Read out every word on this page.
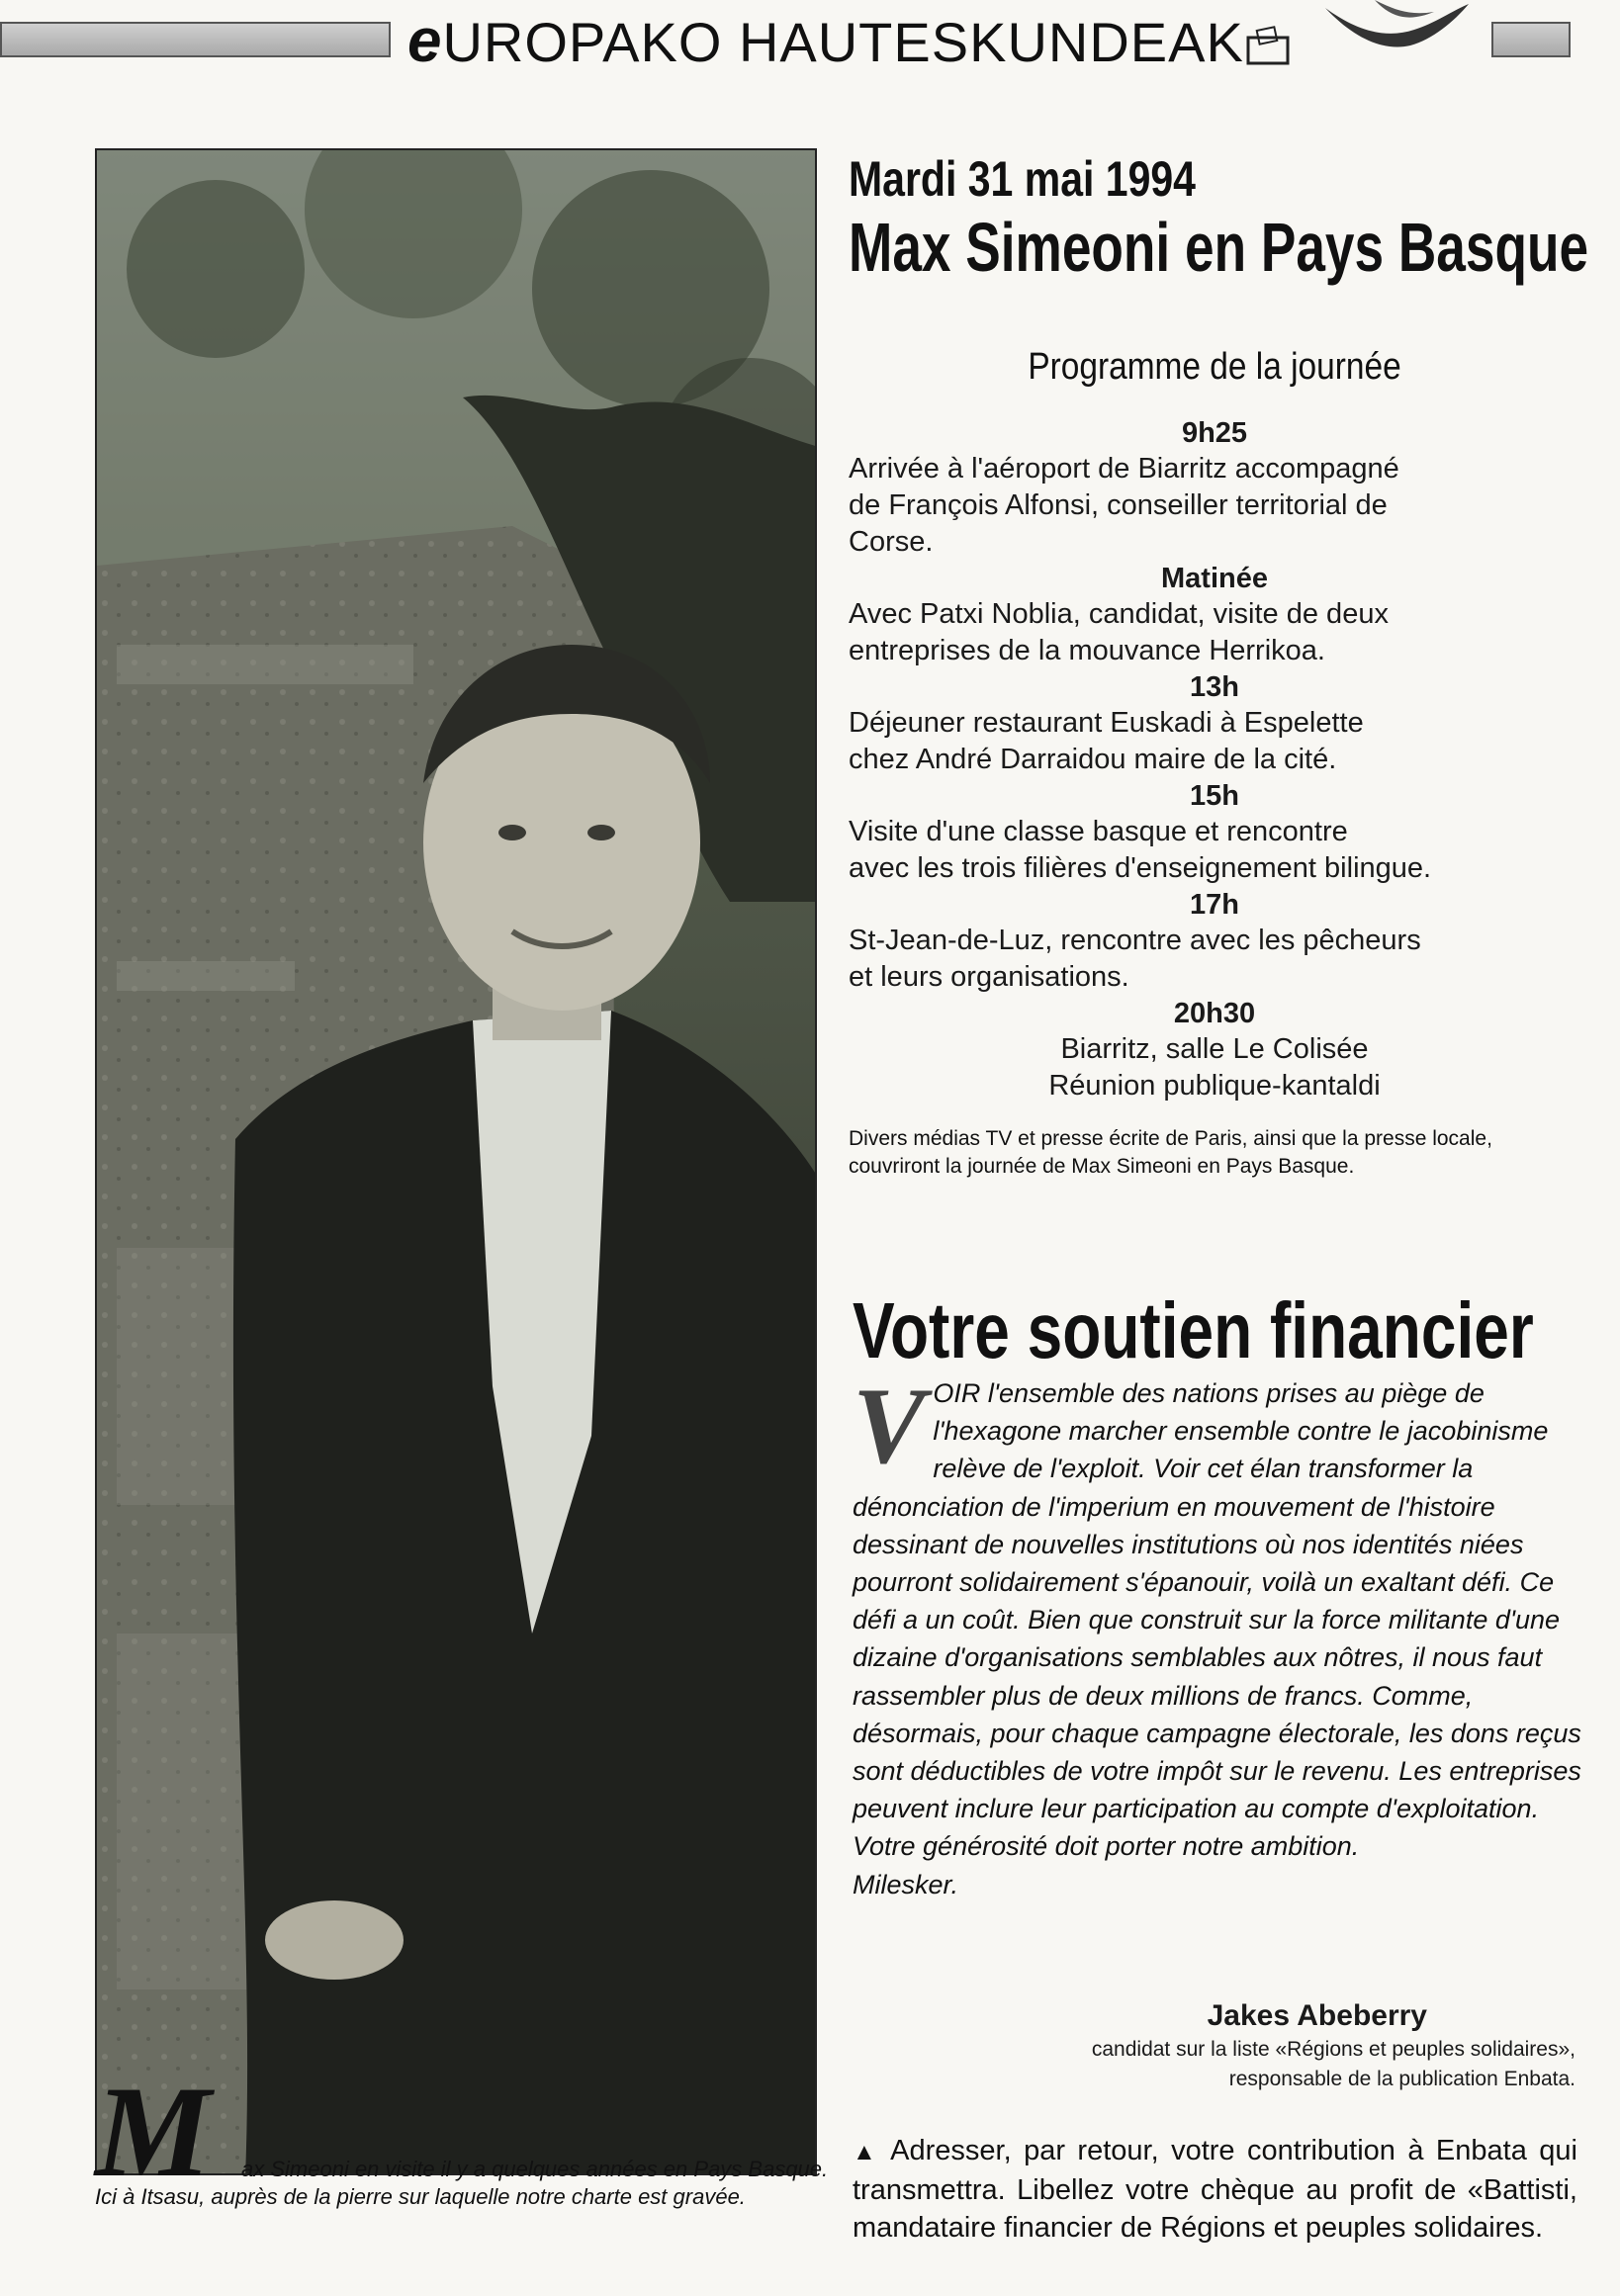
eUROPAKO HAUTESKUNDEAK
M ax Simeoni en visite il y a quelques années en Pays Basque.
Ici à Itsasu, auprès de la pierre sur laquelle notre charte est gravée.
Mardi 31 mai 1994
Max Simeoni en Pays Basque
Programme de la journée
9h25
Arrivée à l'aéroport de Biarritz accompagné
de François Alfonsi, conseiller territorial de
Corse.
Matinée
Avec Patxi Noblia, candidat, visite de deux
entreprises de la mouvance Herrikoa.
13h
Déjeuner restaurant Euskadi à Espelette
chez André Darraidou maire de la cité.
15h
Visite d'une classe basque et rencontre
avec les trois filières d'enseignement bilingue.
17h
St-Jean-de-Luz, rencontre avec les pêcheurs
et leurs organisations.
20h30
Biarritz, salle Le Colisée
Réunion publique-kantaldi
Divers médias TV et presse écrite de Paris, ainsi que la presse locale,
couvriront la journée de Max Simeoni en Pays Basque.
Votre soutien financier
V OIR l'ensemble des nations prises au piège de l'hexagone marcher ensemble contre le jacobinisme relève de l'exploit. Voir cet élan transformer la dénonciation de l'imperium en mouvement de l'histoire dessinant de nouvelles institutions où nos identités niées pourront solidairement s'épanouir, voilà un exaltant défi. Ce défi a un coût. Bien que construit sur la force militante d'une dizaine d'organisations semblables aux nôtres, il nous faut rassembler plus de deux millions de francs. Comme, désormais, pour chaque campagne électorale, les dons reçus sont déductibles de votre impôt sur le revenu. Les entreprises peuvent inclure leur participation au compte d'exploitation.
Votre générosité doit porter notre ambition.
Milesker.
Jakes Abeberry
candidat sur la liste «Régions et peuples solidaires»,
responsable de la publication Enbata.
▲ Adresser, par retour, votre contribution à Enbata qui transmettra. Libellez votre chèque au profit de «Battisti, mandataire financier de Régions et peuples solidaires.
